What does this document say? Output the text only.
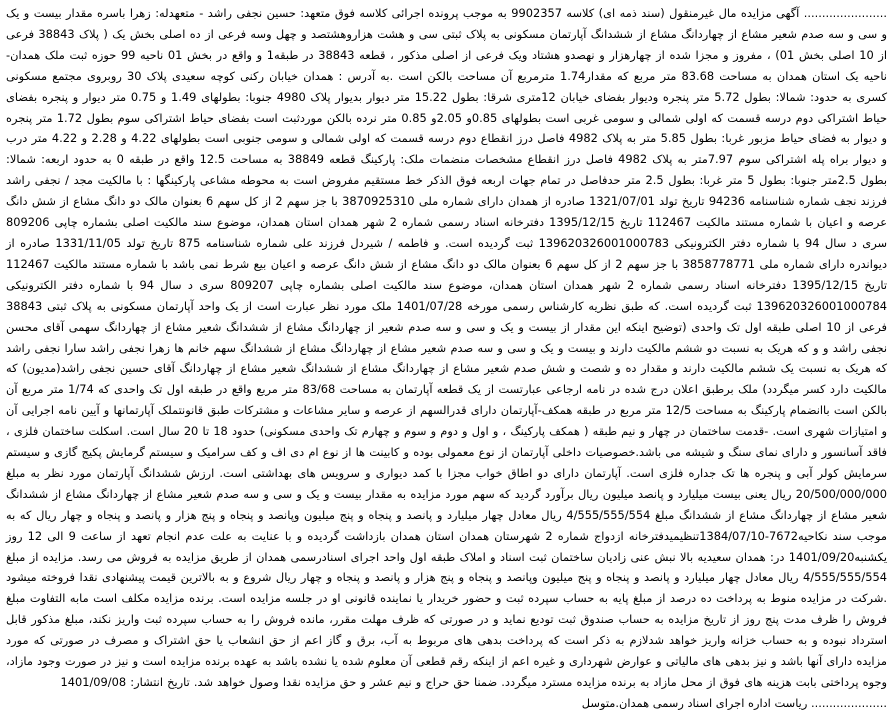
....................... آگهی مزایده مال غیرمنقول (سند ذمه ای) کلاسه 9902357 به موجب پرونده اجرائی کلاسه فوق متعهد: حسین نجفی راشد - متعهدله: زهرا باسره مقدار بیست و یک و سی و سه صدم شعیر مشاع از چهاردانگ مشاع از ششدانگ آپارتمان مسکونی به پلاک ثبتی سی و هشت هزاروهشتصد و چهل وسه فرعی از ده اصلی بخش یک ( پلاک 38843 فرعی از 10 اصلی بخش 01) ، مفروز و مجزا شده از چهارهزار و نهصدو هشتاد ویک فرعی از اصلی مذکور ، قطعه 38843 در طبقه1 و واقع در بخش 01 ناحیه 99 حوزه ثبت ملک همدان-ناحیه یک استان همدان به مساحت 83.68 متر مربع که مقدار1.74 مترمربع آن مساحت بالکن است .به آدرس : همدان خیابان رکنی کوچه سعیدی پلاک 30 روبروی مجتمع مسکونی کسری به حدود: شمالا: بطول 5.72 متر پنجره وديوار بفضای خيابان 12متری شرقا: بطول 15.22 متر ديوار بديوار پلاک 4980 جنوبا: بطولهای 1.49 و 0.75 متر ديوار و پنجره بفضای حياط اشتراکی دوم درسه قسمت که اولی شمالی و سومی غربی است بطولهای 0.85و 2.05و 0.85 متر نرده بالکن موردثبت است بفضای حياط اشتراکی سوم بطول 1.72 متر پنجره و ديوار به فضای حياط مزبور غربا: بطول 5.85 متر به پلاک 4982 فاصل درز انقطاع دوم درسه قسمت که اولی شمالی و سومی جنوبی است بطولهای 4.22 و 2.28 و 4.22 متر درب و ديوار براه پله اشتراکی سوم 7.97متر به پلاک 4982 فاصل درز انقطاع مشخصات منضمات ملک: پارکينگ قطعه 38849 به مساحت 12.5 واقع در طبقه 0 به حدود اربعه: شمالا: بطول 2.5متر جنوبا: بطول 5 متر غربا: بطول 2.5 متر حدفاصل در تمام جهات اربعه فوق الذکر خط مستقیم مفروض است به محوطه مشاعی پارکینگها : با مالکیت مجد / نجفی راشد فرزند نجف شماره شناسنامه 94236 تاریخ تولد 1321/07/01 صادره از همدان دارای شماره ملی 3870925310 با جز سهم 2 از کل سهم 6 بعنوان مالک دو دانگ مشاع از شش دانگ عرصه و اعیان با شماره مستند مالکیت 112467 تاریخ 1395/12/15 دفترخانه اسناد رسمی شماره 2 شهر همدان استان همدان، موضوع سند مالکیت اصلی بشماره چاپی 809206 سری د سال 94 با شماره دفتر الکترونیکی 139620326001000783 ثبت گردیده است. و فاطمه / شیردل فرزند علی شماره شناسنامه 875 تاریخ تولد 1331/11/05 صادره از دیواندره دارای شماره ملی 3858778771 با جز سهم 2 از کل سهم 6 بعنوان مالک دو دانگ مشاع از شش دانگ عرصه و اعیان بیع شرط نمی باشد با شماره مستند مالکیت 112467 تاریخ 1395/12/15 دفترخانه اسناد رسمی شماره 2 شهر همدان استان همدان، موضوع سند مالکیت اصلی بشماره چاپی 809207 سری د سال 94 با شماره دفتر الکترونیکی 139620326001000784 ثبت گردیده است. که طبق نظریه کارشناس رسمی مورخه 1401/07/28 ملک مورد نظر عبارت است از یک واحد آپارتمان مسکونی به پلاک ثبتی 38843 فرعی از 10 اصلی طبقه اول تک واحدی (توضیح اینکه این مقدار از بیست و یک و سی و سه صدم شعیر از چهاردانگ مشاع از ششدانگ شعیر مشاع از چهاردانگ سهمی آقای محسن نجفی راشد و و که هریک به نسبت دو ششم مالکیت دارند و بیست و یک و سی و سه صدم شعیر مشاع از چهاردانگ مشاع از ششدانگ سهم خانم ها زهرا نجفی راشد سارا نجفی راشد که هریک به نسبت یک ششم مالکیت دارند و مقدار ده و شصت و شش صدم شعیر مشاع از چهاردانگ مشاع از ششدانگ شعیر مشاع از چهاردانگ آقای حسین نجفی راشد(مدیون) که مالکیت دارد کسر میگردد) ملک برطبق اعلان درج شده در نامه ارجاعی عبارتست از یک قطعه آپارتمان به مساحت 83/68 متر مربع واقع در طبقه اول تک واحدی که 1/74 متر مربع آن بالکن است باانضمام پارکینگ به مساحت 12/5 متر مربع در طبقه همکف-آپارتمان دارای قدرالسهم از عرصه و سایر مشاعات و مشترکات طبق قانونتملک آپارتمانها و آیین نامه اجرایی آن و امتیازات شهری است. -قدمت ساختمان در چهار و نیم طبقه ( همکف پارکینگ ، و اول و دوم و سوم و چهارم تک واحدی مسکونی) حدود 18 تا 20 سال است. اسکلت ساختمان فلزی ، فاقد آسانسور و دارای نمای سنگ و شیشه می باشد.خصوصیات داخلی آپارتمان از نوع معمولی بوده و کابینت ها از نوع ام دی اف و کف سرامیک و سیستم گرمایش پکیج گازی و سیستم سرمایش کولر آبی و پنجره ها تک جداره فلزی است. آپارتمان دارای دو اطاق خواب مجزا با کمد دیواری و سرویس های بهداشتی است. ارزش ششدانگ آپارتمان مورد نظر به مبلغ 20/500/000/000 ریال یعنی بیست میلیارد و پانصد میلیون ریال برآورد گردید که سهم مورد مزایده به مقدار بیست و یک و سی و سه صدم شعیر مشاع از چهاردانگ مشاع از ششدانگ شعیر مشاع از چهاردانگ مشاع از ششدانگ مبلغ 4/555/555/554 ریال معادل چهار میلیارد و پانصد و پنجاه و پنج میلیون وپانصد و پنجاه و پنج هزار و پانصد و پنجاه و چهار ریال که به موجب سند نکاحیه7672-1384/07/10تنظیمیدفترخانه ازدواج شماره 2 شهرستان همدان استان همدان بازداشت گردیده و با عنایت به علت عدم انجام تعهد از ساعت 9 الی 12 روز یکشنبه1401/09/20 در: همدان سعیدیه بالا نبش عنی زادیان ساختمان ثبت اسناد و املاک طبقه اول واحد اجرای اسنادرسمی همدان از طریق مزایده به فروش می رسد. مزایده از مبلغ 4/555/555/554 ریال معادل چهار میلیارد و پانصد و پنجاه و پنج میلیون وپانصد و پنجاه و پنج هزار و پانصد و پنجاه و چهار ریال شروع و به بالاترین قیمت پیشنهادی نقدا فروخته میشود .شرکت در مزایده منوط به پرداخت ده درصد از مبلغ پایه به حساب سپرده ثبت و حضور خریدار یا نماینده قانونی او در جلسه مزایده است. برنده مزایده مکلف است مابه التفاوت مبلغ فروش را ظرف مدت پنج روز از تاریخ مزایده به حساب صندوق ثبت تودیع نماید و در صورتی که ظرف مهلت مقرر، مانده فروش را به حساب سپرده ثبت واریز نکند، مبلغ مذکور قابل استرداد نبوده و به حساب خزانه واریز خواهد شدلازم به ذکر است که پرداخت بدهی های مربوط به آب، برق و گاز اعم از حق انشعاب یا حق اشتراک و مصرف در صورتی که مورد مزایده دارای آنها باشد و نیز بدهی های مالیاتی و عوارض شهرداری و غیره اعم از اینکه رقم قطعی آن معلوم شده یا نشده باشد به عهده برنده مزایده است و نیز در صورت وجود مازاد، وجوه پرداختی بابت هزینه های فوق از محل مازاد به برنده مزایده مسترد میگردد. ضمنا حق حراج و نیم عشر و حق مزایده نقدا وصول خواهد شد. تاریخ انتشار: 1401/09/08

..................... ریاست اداره اجرای اسناد رسمی همدان.متوسل
